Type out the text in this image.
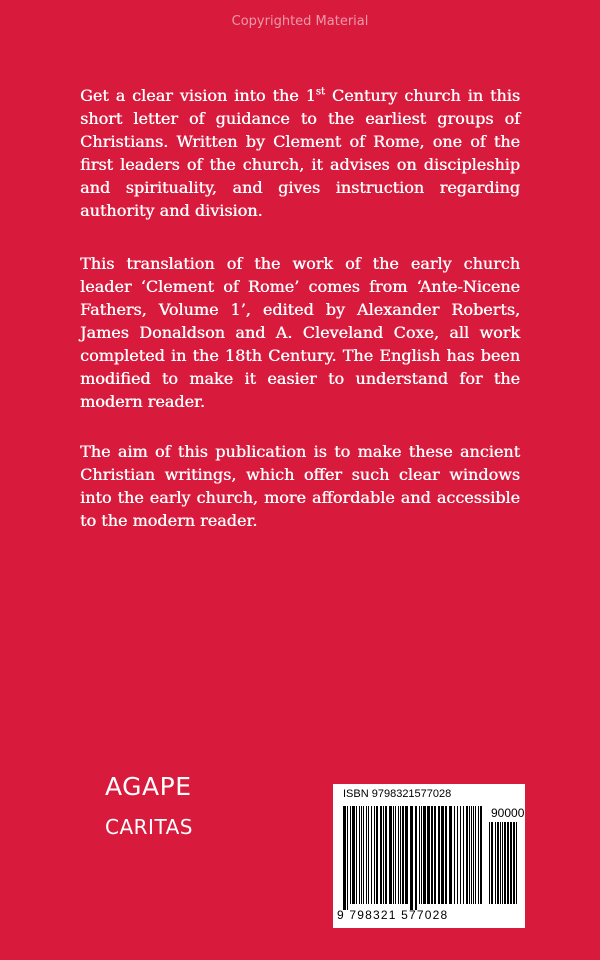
Copyrighted Material

Get a clear vision into the 1st Century church in this short letter of guidance to the earliest groups of Christians. Written by Clement of Rome, one of the first leaders of the church, it advises on discipleship and spirituality, and gives instruction regarding authority and division.

This translation of the work of the early church leader ‘Clement of Rome’ comes from ‘Ante-Nicene Fathers, Volume 1’, edited by Alexander Roberts, James Donaldson and A. Cleveland Coxe, all work completed in the 18th Century. The English has been modified to make it easier to understand for the modern reader.

The aim of this publication is to make these ancient Christian writings, which offer such clear windows into the early church, more affordable and accessible to the modern reader.

AGAPE
CARITAS
ISBN 9798321577028
90000
9 798321 577028
